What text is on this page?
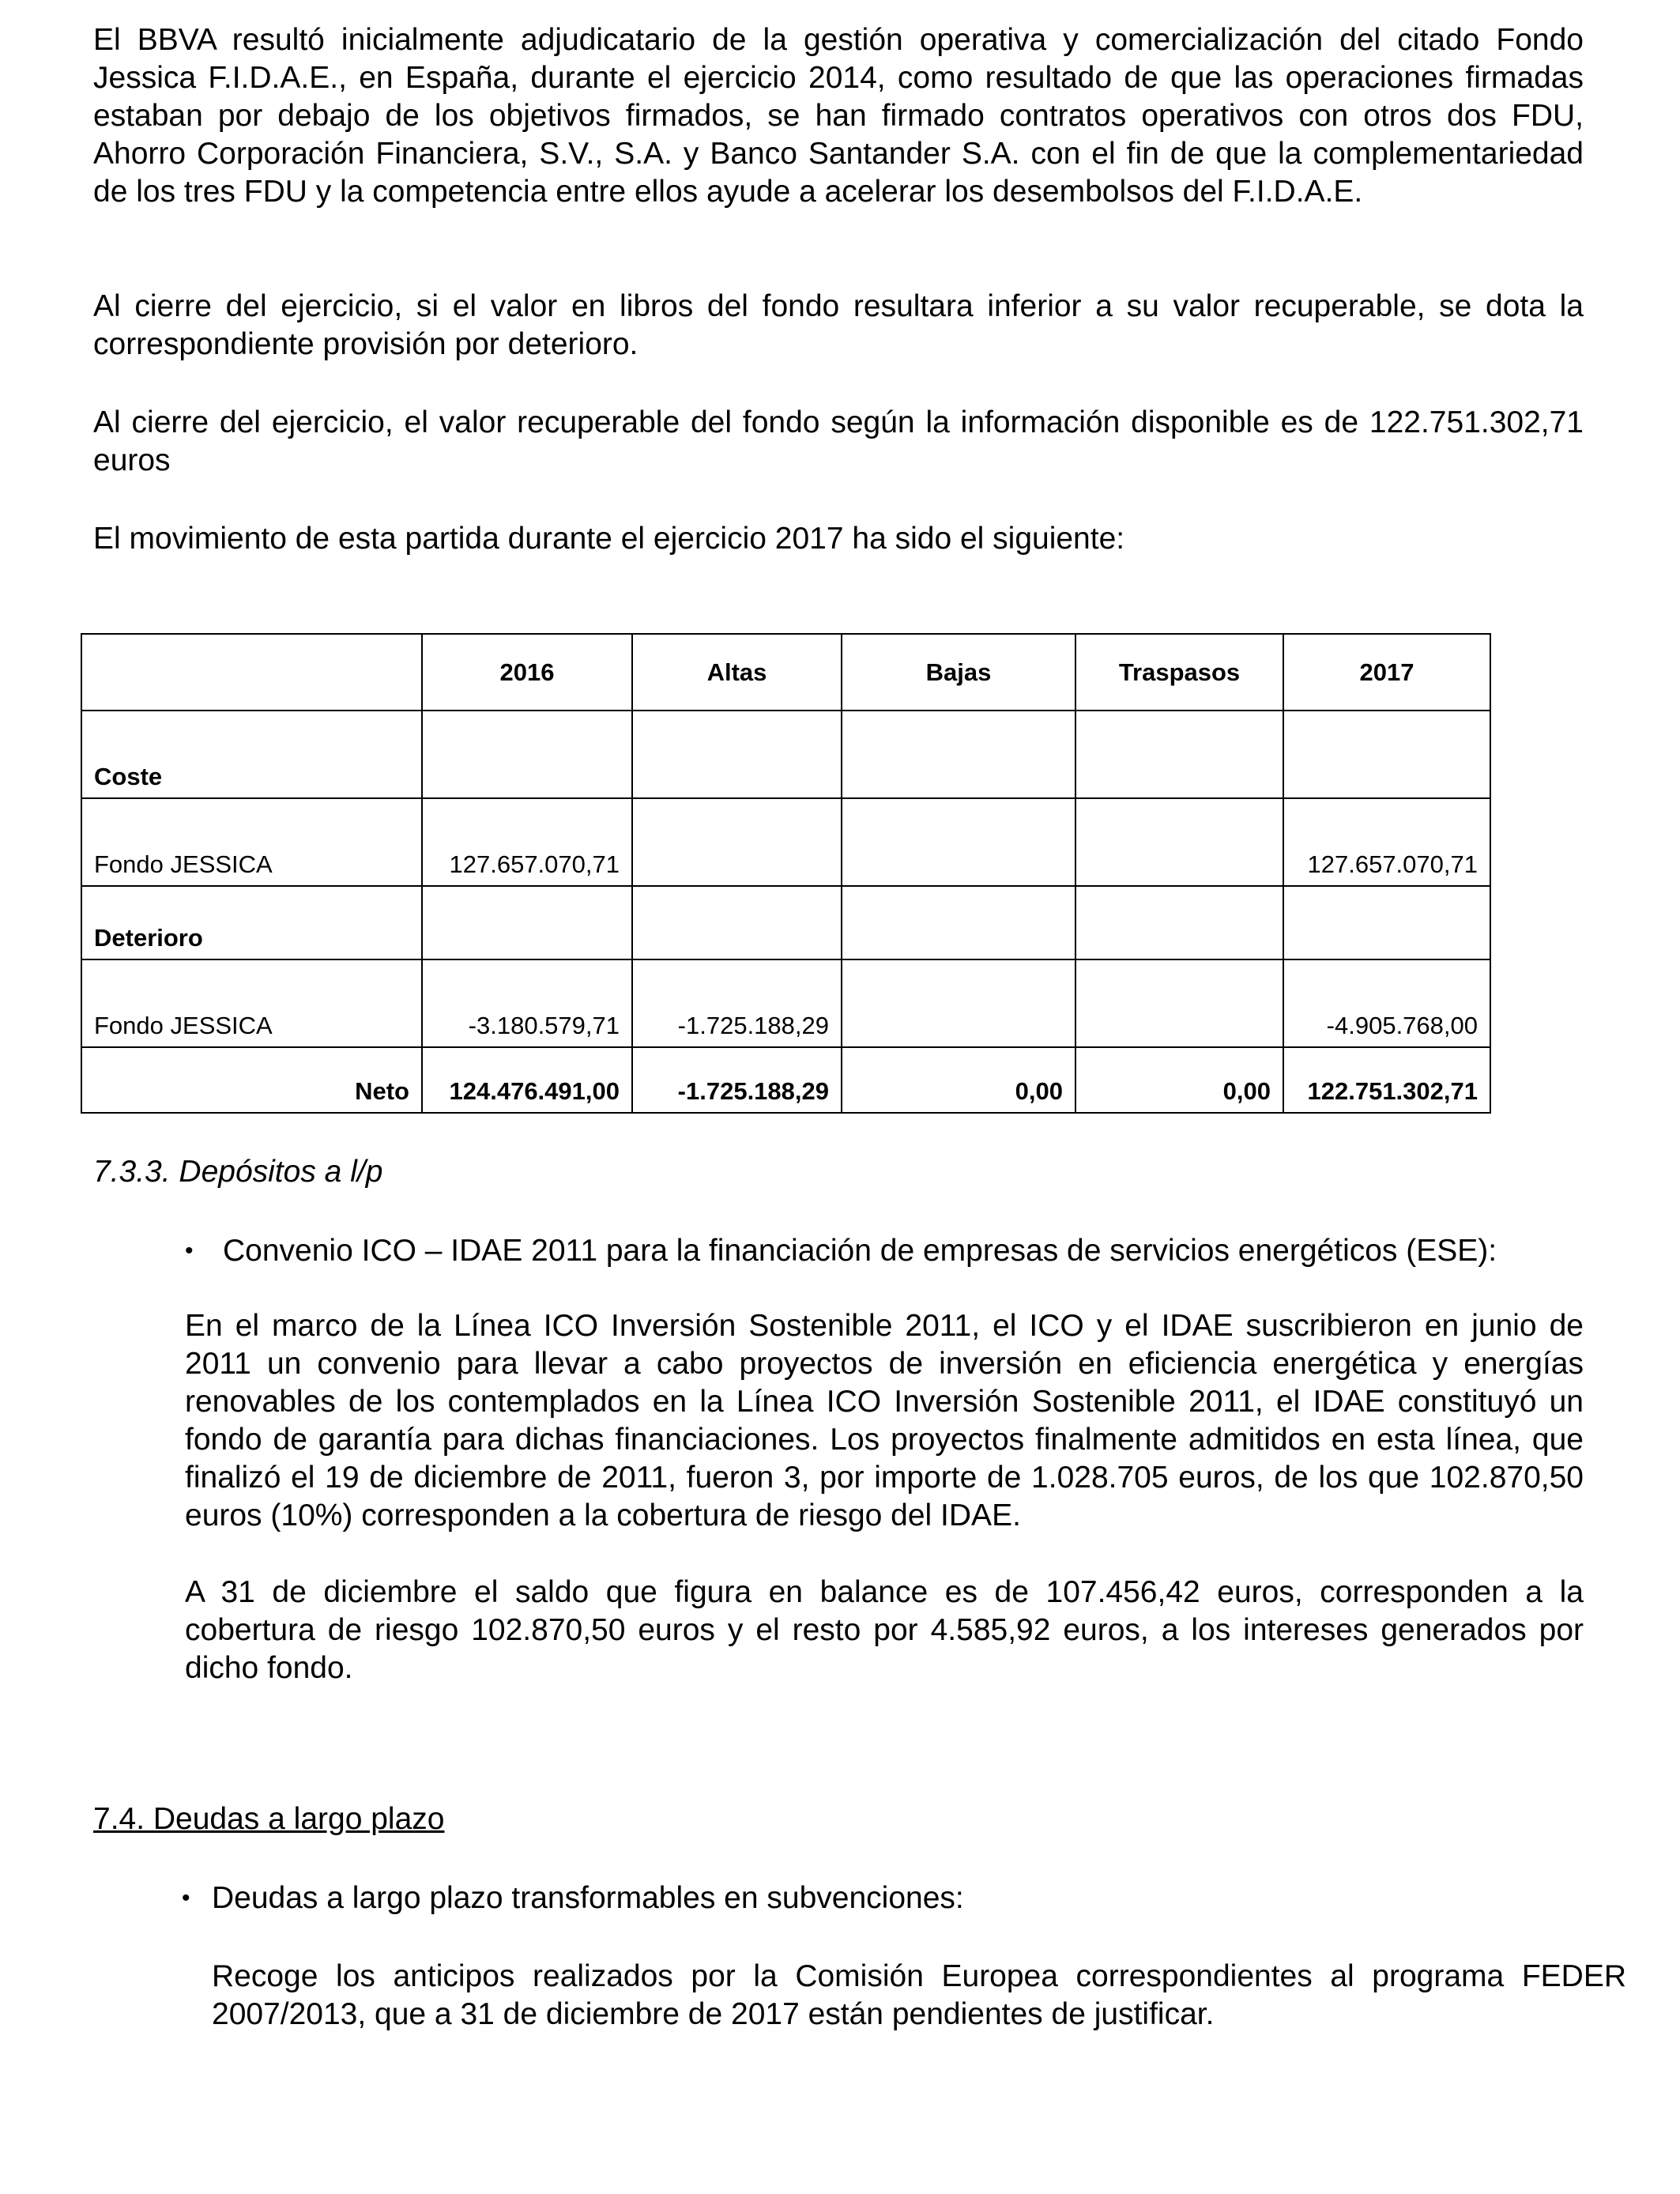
El BBVA resultó inicialmente adjudicatario de la gestión operativa y comercialización del citado Fondo Jessica F.I.D.A.E., en España, durante el ejercicio 2014, como resultado de que las operaciones firmadas estaban por debajo de los objetivos firmados, se han firmado contratos operativos con otros dos FDU, Ahorro Corporación Financiera, S.V., S.A. y Banco Santander S.A. con el fin de que la complementariedad de los tres FDU y la competencia entre ellos ayude a acelerar los desembolsos del F.I.D.A.E.

Al cierre del ejercicio, si el valor en libros del fondo resultara inferior a su valor recuperable, se dota la correspondiente provisión por deterioro.

Al cierre del ejercicio, el valor recuperable del fondo según la información disponible es de 122.751.302,71 euros

El movimiento de esta partida durante el ejercicio 2017 ha sido el siguiente:

	2016	Altas	Bajas	Traspasos	2017
Coste					
Fondo JESSICA	127.657.070,71				127.657.070,71
Deterioro					
Fondo JESSICA	-3.180.579,71	-1.725.188,29			-4.905.768,00
Neto	124.476.491,00	-1.725.188,29	0,00	0,00	122.751.302,71

7.3.3. Depósitos a l/p

• Convenio ICO – IDAE 2011 para la financiación de empresas de servicios energéticos (ESE):

En el marco de la Línea ICO Inversión Sostenible 2011, el ICO y el IDAE suscribieron en junio de 2011 un convenio para llevar a cabo proyectos de inversión en eficiencia energética y energías renovables de los contemplados en la Línea ICO Inversión Sostenible 2011, el IDAE constituyó un fondo de garantía para dichas financiaciones. Los proyectos finalmente admitidos en esta línea, que finalizó el 19 de diciembre de 2011, fueron 3, por importe de 1.028.705 euros, de los que 102.870,50 euros (10%) corresponden a la cobertura de riesgo del IDAE.

A 31 de diciembre el saldo que figura en balance es de 107.456,42 euros, corresponden a la cobertura de riesgo 102.870,50 euros y el resto por 4.585,92 euros, a los intereses generados por dicho fondo.

7.4. Deudas a largo plazo

• Deudas a largo plazo transformables en subvenciones:

Recoge los anticipos realizados por la Comisión Europea correspondientes al programa FEDER 2007/2013, que a 31 de diciembre de 2017 están pendientes de justificar.
